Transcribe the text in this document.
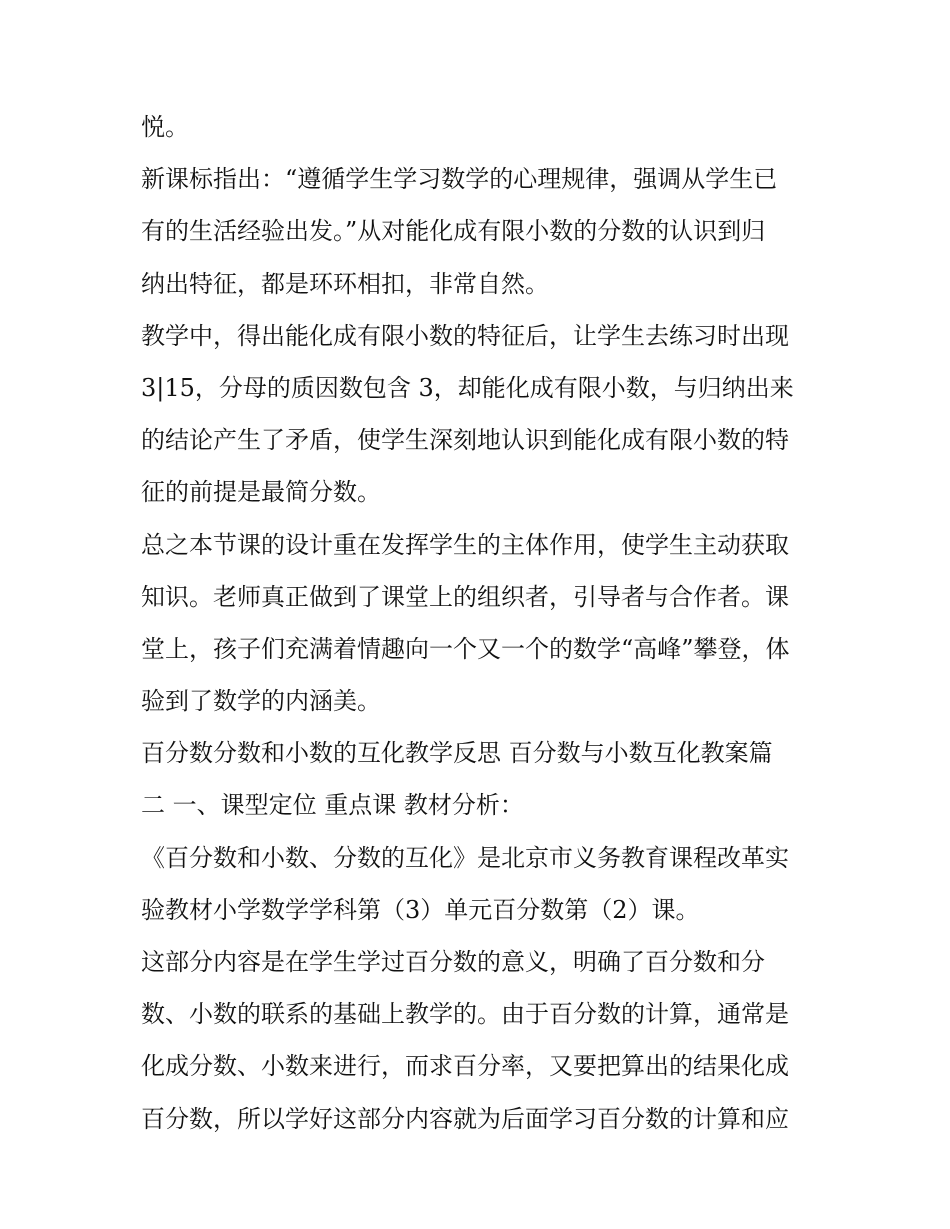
悦。
新课标指出：“遵循学生学习数学的心理规律，强调从学生已
有的生活经验出发。”从对能化成有限小数的分数的认识到归
纳出特征，都是环环相扣，非常自然。
教学中，得出能化成有限小数的特征后，让学生去练习时出现
3|15，分母的质因数包含 3，却能化成有限小数，与归纳出来
的结论产生了矛盾，使学生深刻地认识到能化成有限小数的特
征的前提是最简分数。
总之本节课的设计重在发挥学生的主体作用，使学生主动获取
知识。老师真正做到了课堂上的组织者，引导者与合作者。课
堂上，孩子们充满着情趣向一个又一个的数学“高峰”攀登，体
验到了数学的内涵美。
百分数分数和小数的互化教学反思 百分数与小数互化教案篇
二 一、课型定位 重点课 教材分析：
《百分数和小数、分数的互化》是北京市义务教育课程改革实
验教材小学数学学科第（3）单元百分数第（2）课。
这部分内容是在学生学过百分数的意义，明确了百分数和分
数、小数的联系的基础上教学的。由于百分数的计算，通常是
化成分数、小数来进行，而求百分率，又要把算出的结果化成
百分数，所以学好这部分内容就为后面学习百分数的计算和应
